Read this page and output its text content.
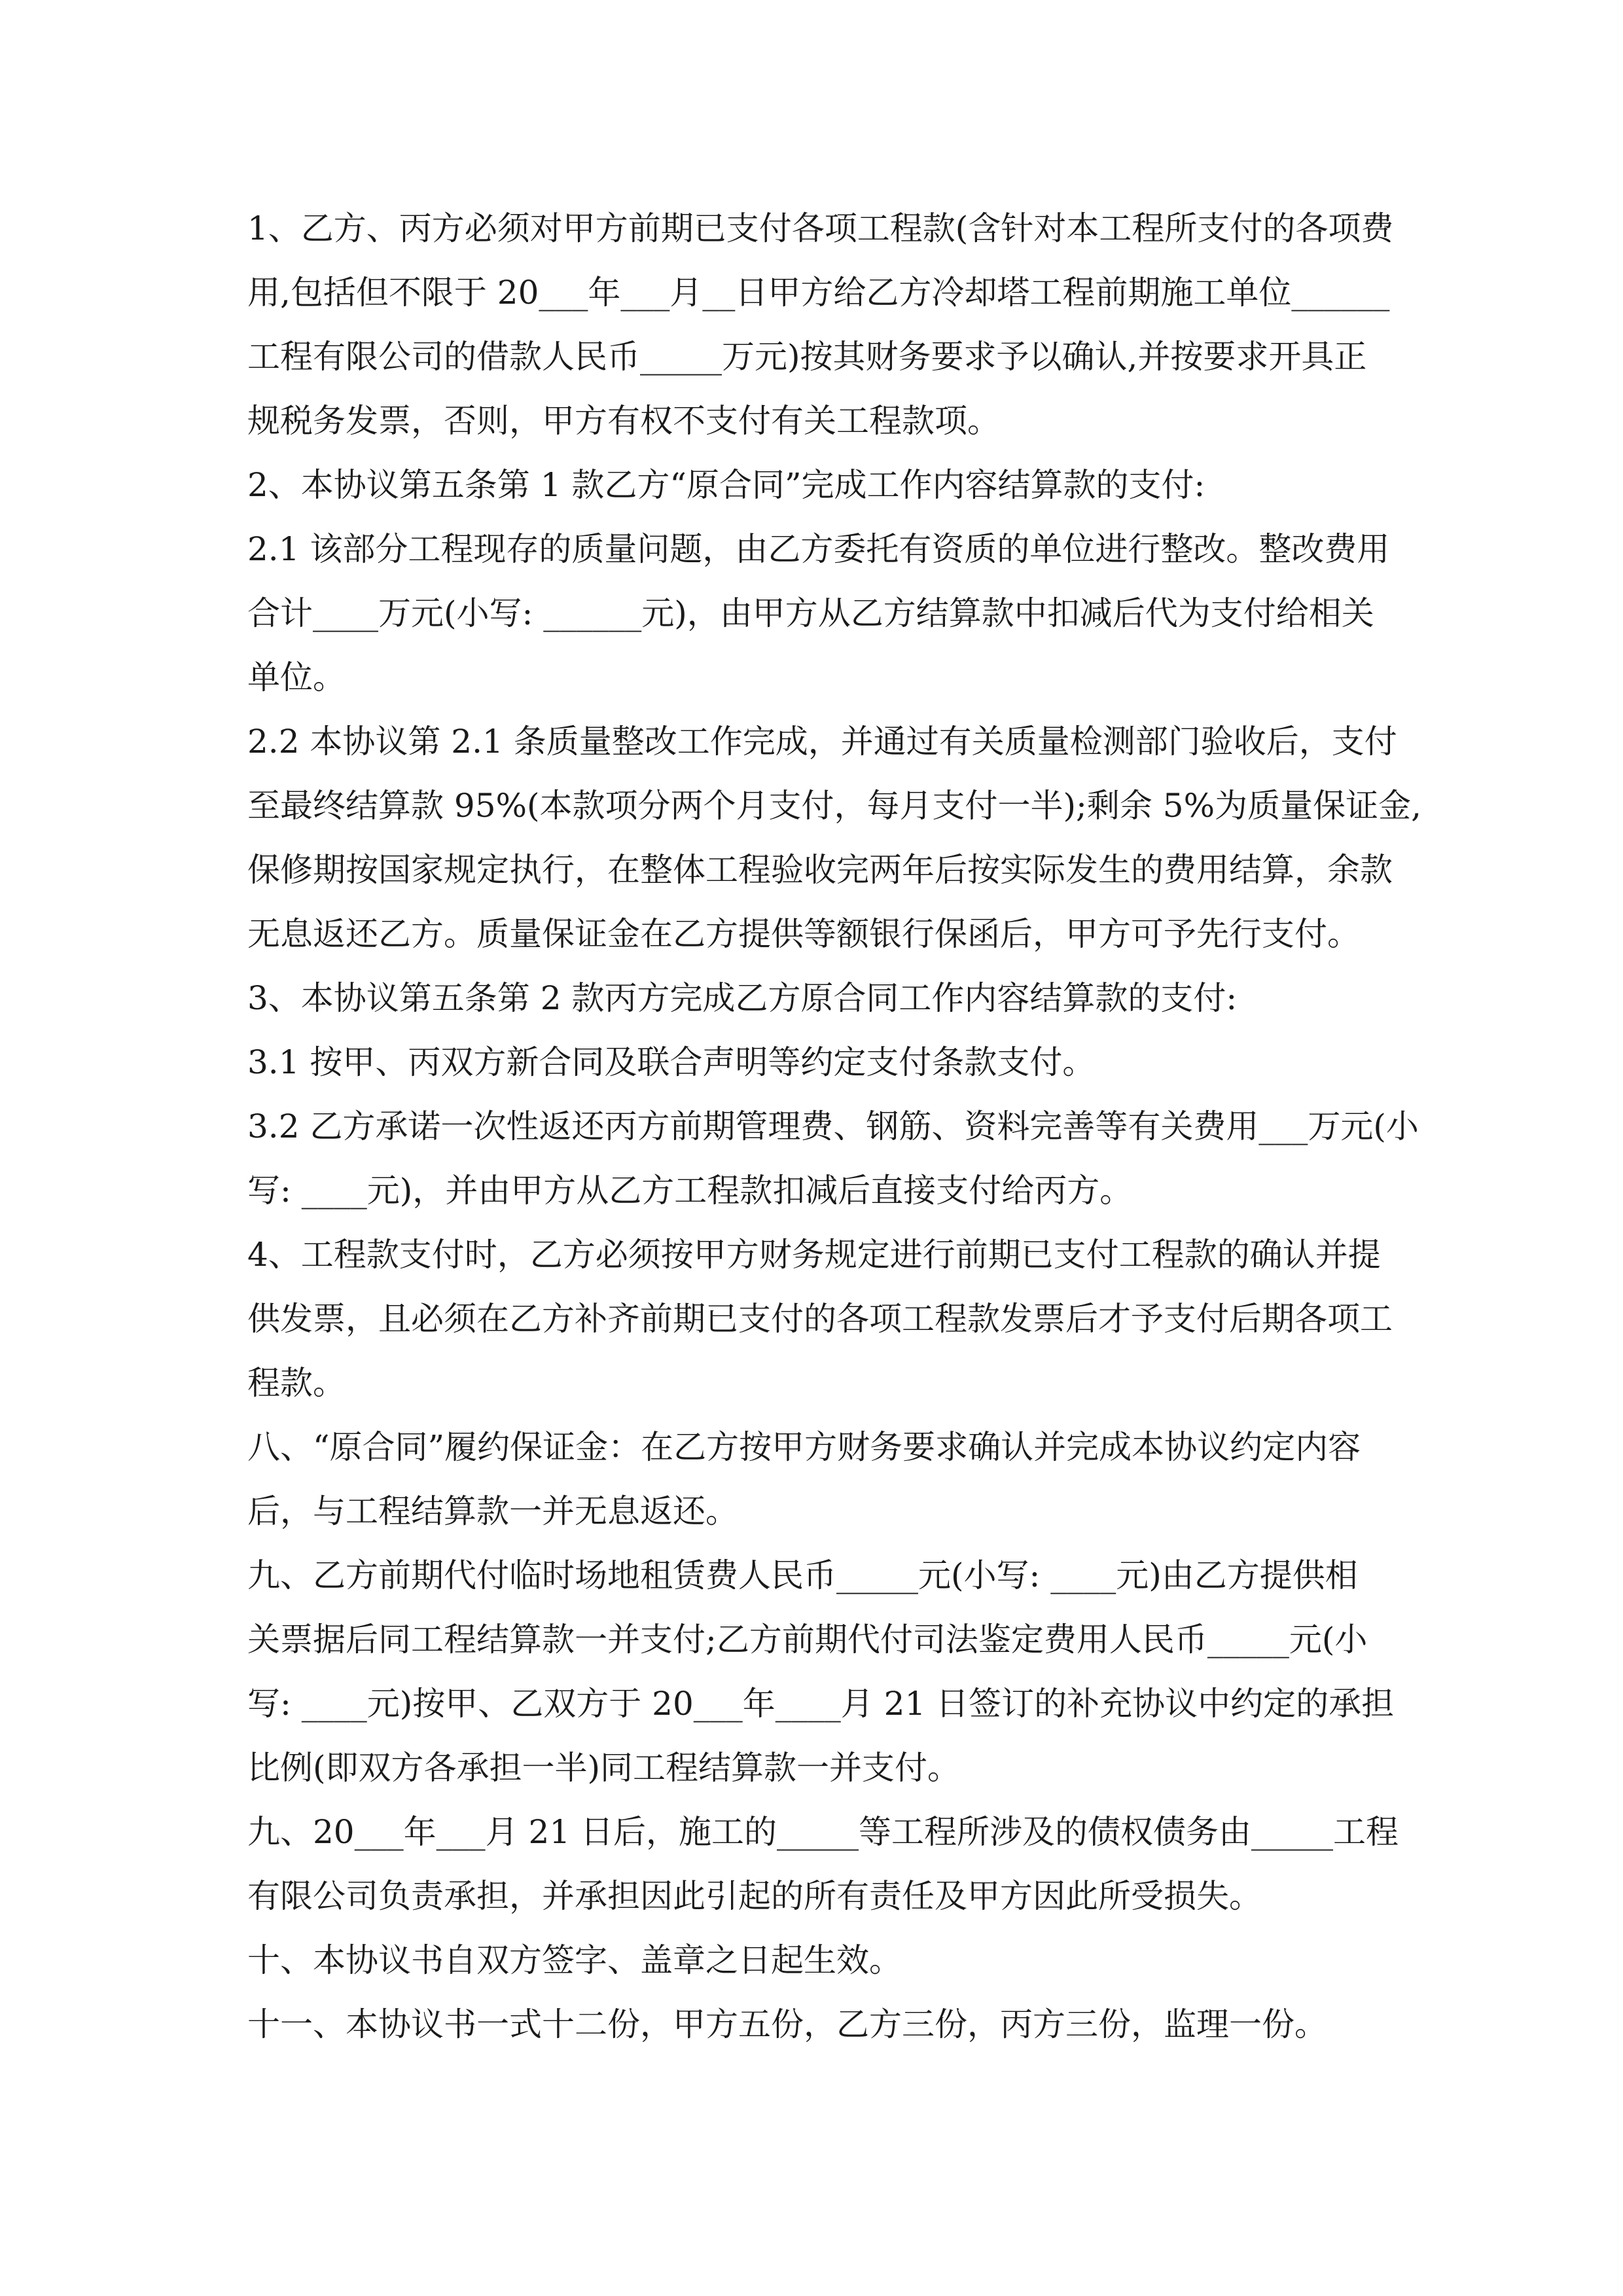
1、乙方、丙方必须对甲方前期已支付各项工程款(含针对本工程所支付的各项费
用,包括但不限于 20___年___月__日甲方给乙方冷却塔工程前期施工单位______
工程有限公司的借款人民币_____万元)按其财务要求予以确认,并按要求开具正
规税务发票，否则，甲方有权不支付有关工程款项。
2、本协议第五条第 1 款乙方“原合同”完成工作内容结算款的支付:
2.1 该部分工程现存的质量问题，由乙方委托有资质的单位进行整改。整改费用
合计____万元(小写: ______元)，由甲方从乙方结算款中扣减后代为支付给相关
单位。
2.2 本协议第 2.1 条质量整改工作完成，并通过有关质量检测部门验收后，支付
至最终结算款 95%(本款项分两个月支付，每月支付一半);剩余 5%为质量保证金,
保修期按国家规定执行，在整体工程验收完两年后按实际发生的费用结算，余款
无息返还乙方。质量保证金在乙方提供等额银行保函后，甲方可予先行支付。
3、本协议第五条第 2 款丙方完成乙方原合同工作内容结算款的支付:
3.1 按甲、丙双方新合同及联合声明等约定支付条款支付。
3.2 乙方承诺一次性返还丙方前期管理费、钢筋、资料完善等有关费用___万元(小
写: ____元)，并由甲方从乙方工程款扣减后直接支付给丙方。
4、工程款支付时，乙方必须按甲方财务规定进行前期已支付工程款的确认并提
供发票，且必须在乙方补齐前期已支付的各项工程款发票后才予支付后期各项工
程款。
八、“原合同”履约保证金：在乙方按甲方财务要求确认并完成本协议约定内容
后，与工程结算款一并无息返还。
九、乙方前期代付临时场地租赁费人民币_____元(小写: ____元)由乙方提供相
关票据后同工程结算款一并支付;乙方前期代付司法鉴定费用人民币_____元(小
写: ____元)按甲、乙双方于 20___年____月 21 日签订的补充协议中约定的承担
比例(即双方各承担一半)同工程结算款一并支付。
九、20___年___月 21 日后，施工的_____等工程所涉及的债权债务由_____工程
有限公司负责承担，并承担因此引起的所有责任及甲方因此所受损失。
十、本协议书自双方签字、盖章之日起生效。
十一、本协议书一式十二份，甲方五份，乙方三份，丙方三份，监理一份。
